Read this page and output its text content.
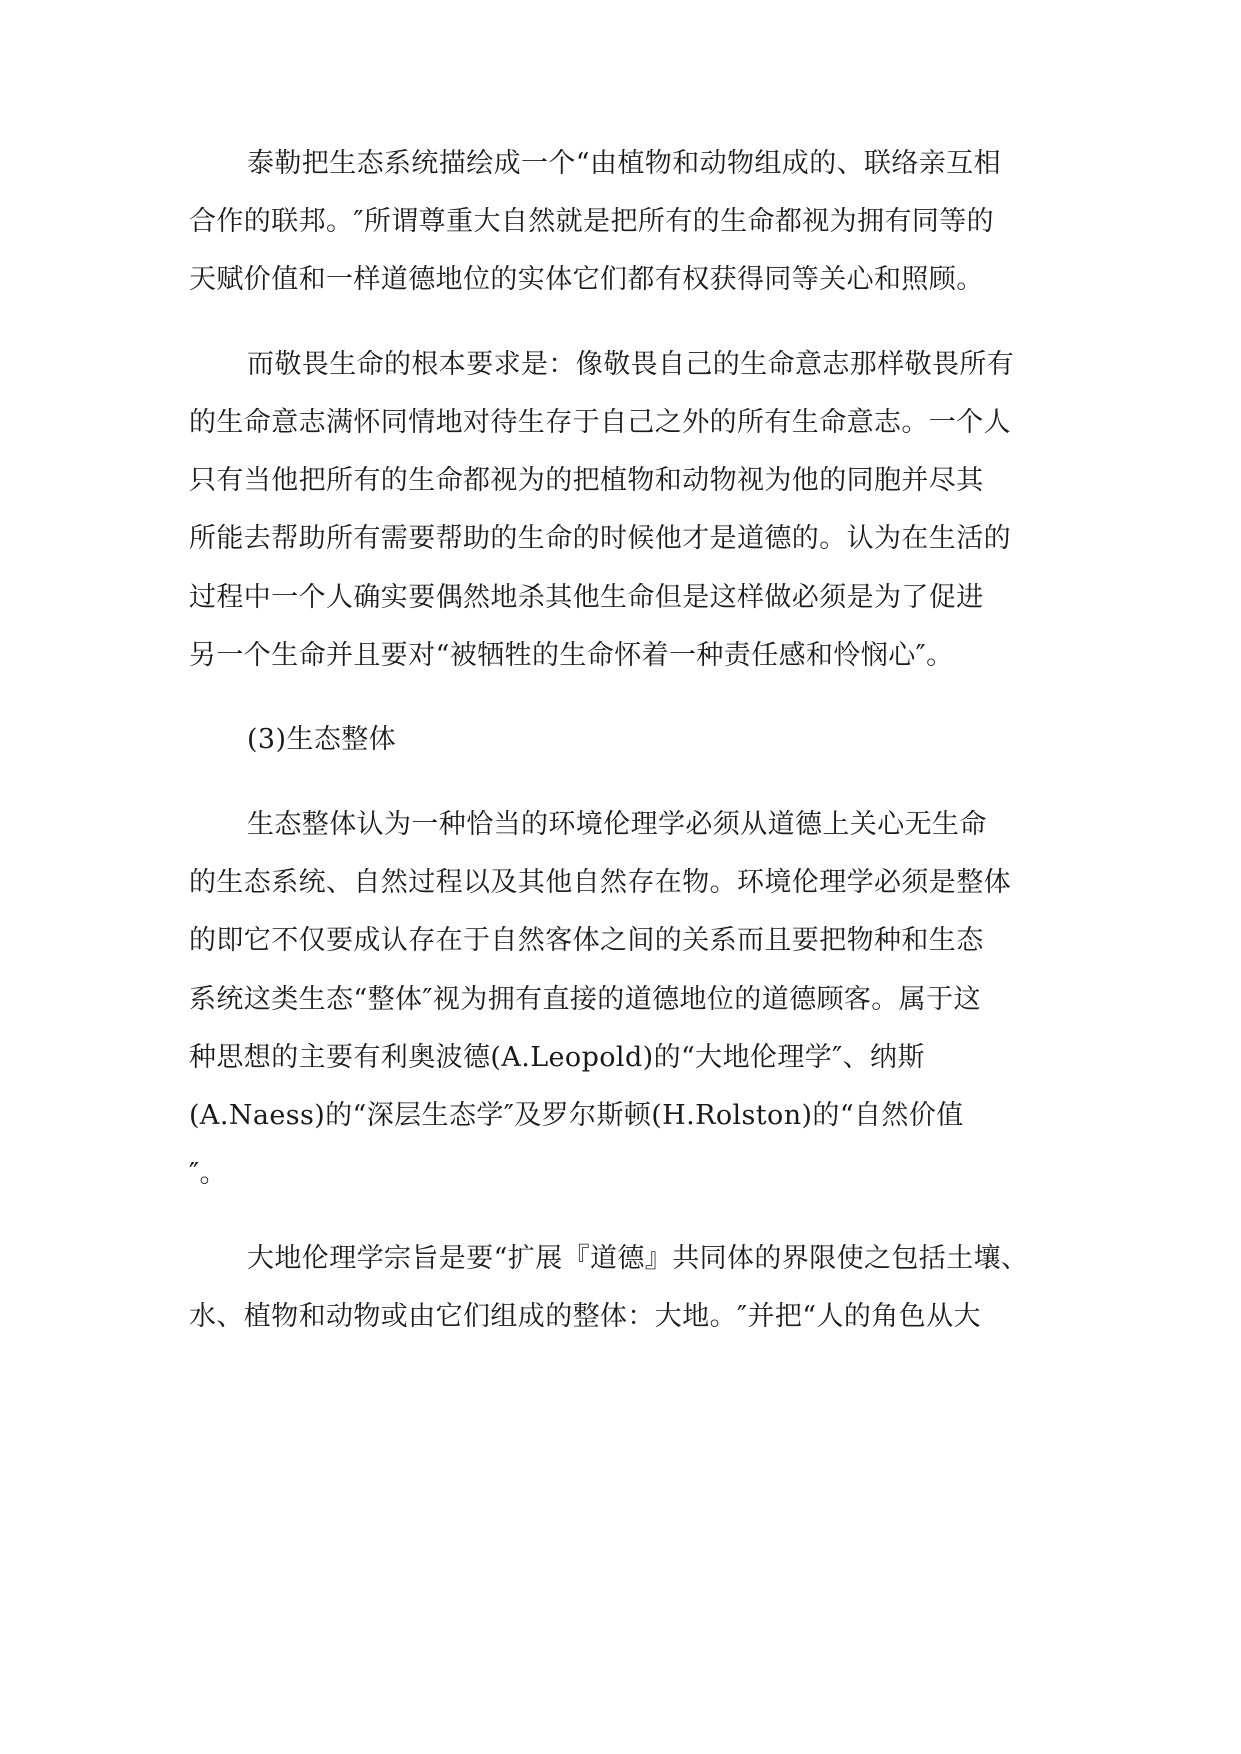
泰勒把生态系统描绘成一个“由植物和动物组成的、联络亲互相
合作的联邦。″所谓尊重大自然就是把所有的生命都视为拥有同等的
天赋价值和一样道德地位的实体它们都有权获得同等关心和照顾。
而敬畏生命的根本要求是：像敬畏自己的生命意志那样敬畏所有
的生命意志满怀同情地对待生存于自己之外的所有生命意志。一个人
只有当他把所有的生命都视为的把植物和动物视为他的同胞并尽其
所能去帮助所有需要帮助的生命的时候他才是道德的。认为在生活的
过程中一个人确实要偶然地杀其他生命但是这样做必须是为了促进
另一个生命并且要对“被牺牲的生命怀着一种责任感和怜悯心″。
(3)生态整体
生态整体认为一种恰当的环境伦理学必须从道德上关心无生命
的生态系统、自然过程以及其他自然存在物。环境伦理学必须是整体
的即它不仅要成认存在于自然客体之间的关系而且要把物种和生态
系统这类生态“整体″视为拥有直接的道德地位的道德顾客。属于这
种思想的主要有利奥波德(A.Leopold)的“大地伦理学″、纳斯
(A.Naess)的“深层生态学″及罗尔斯顿(H.Rolston)的“自然价值
″。
大地伦理学宗旨是要“扩展『道德』共同体的界限使之包括土壤、
水、植物和动物或由它们组成的整体：大地。″并把“人的角色从大
